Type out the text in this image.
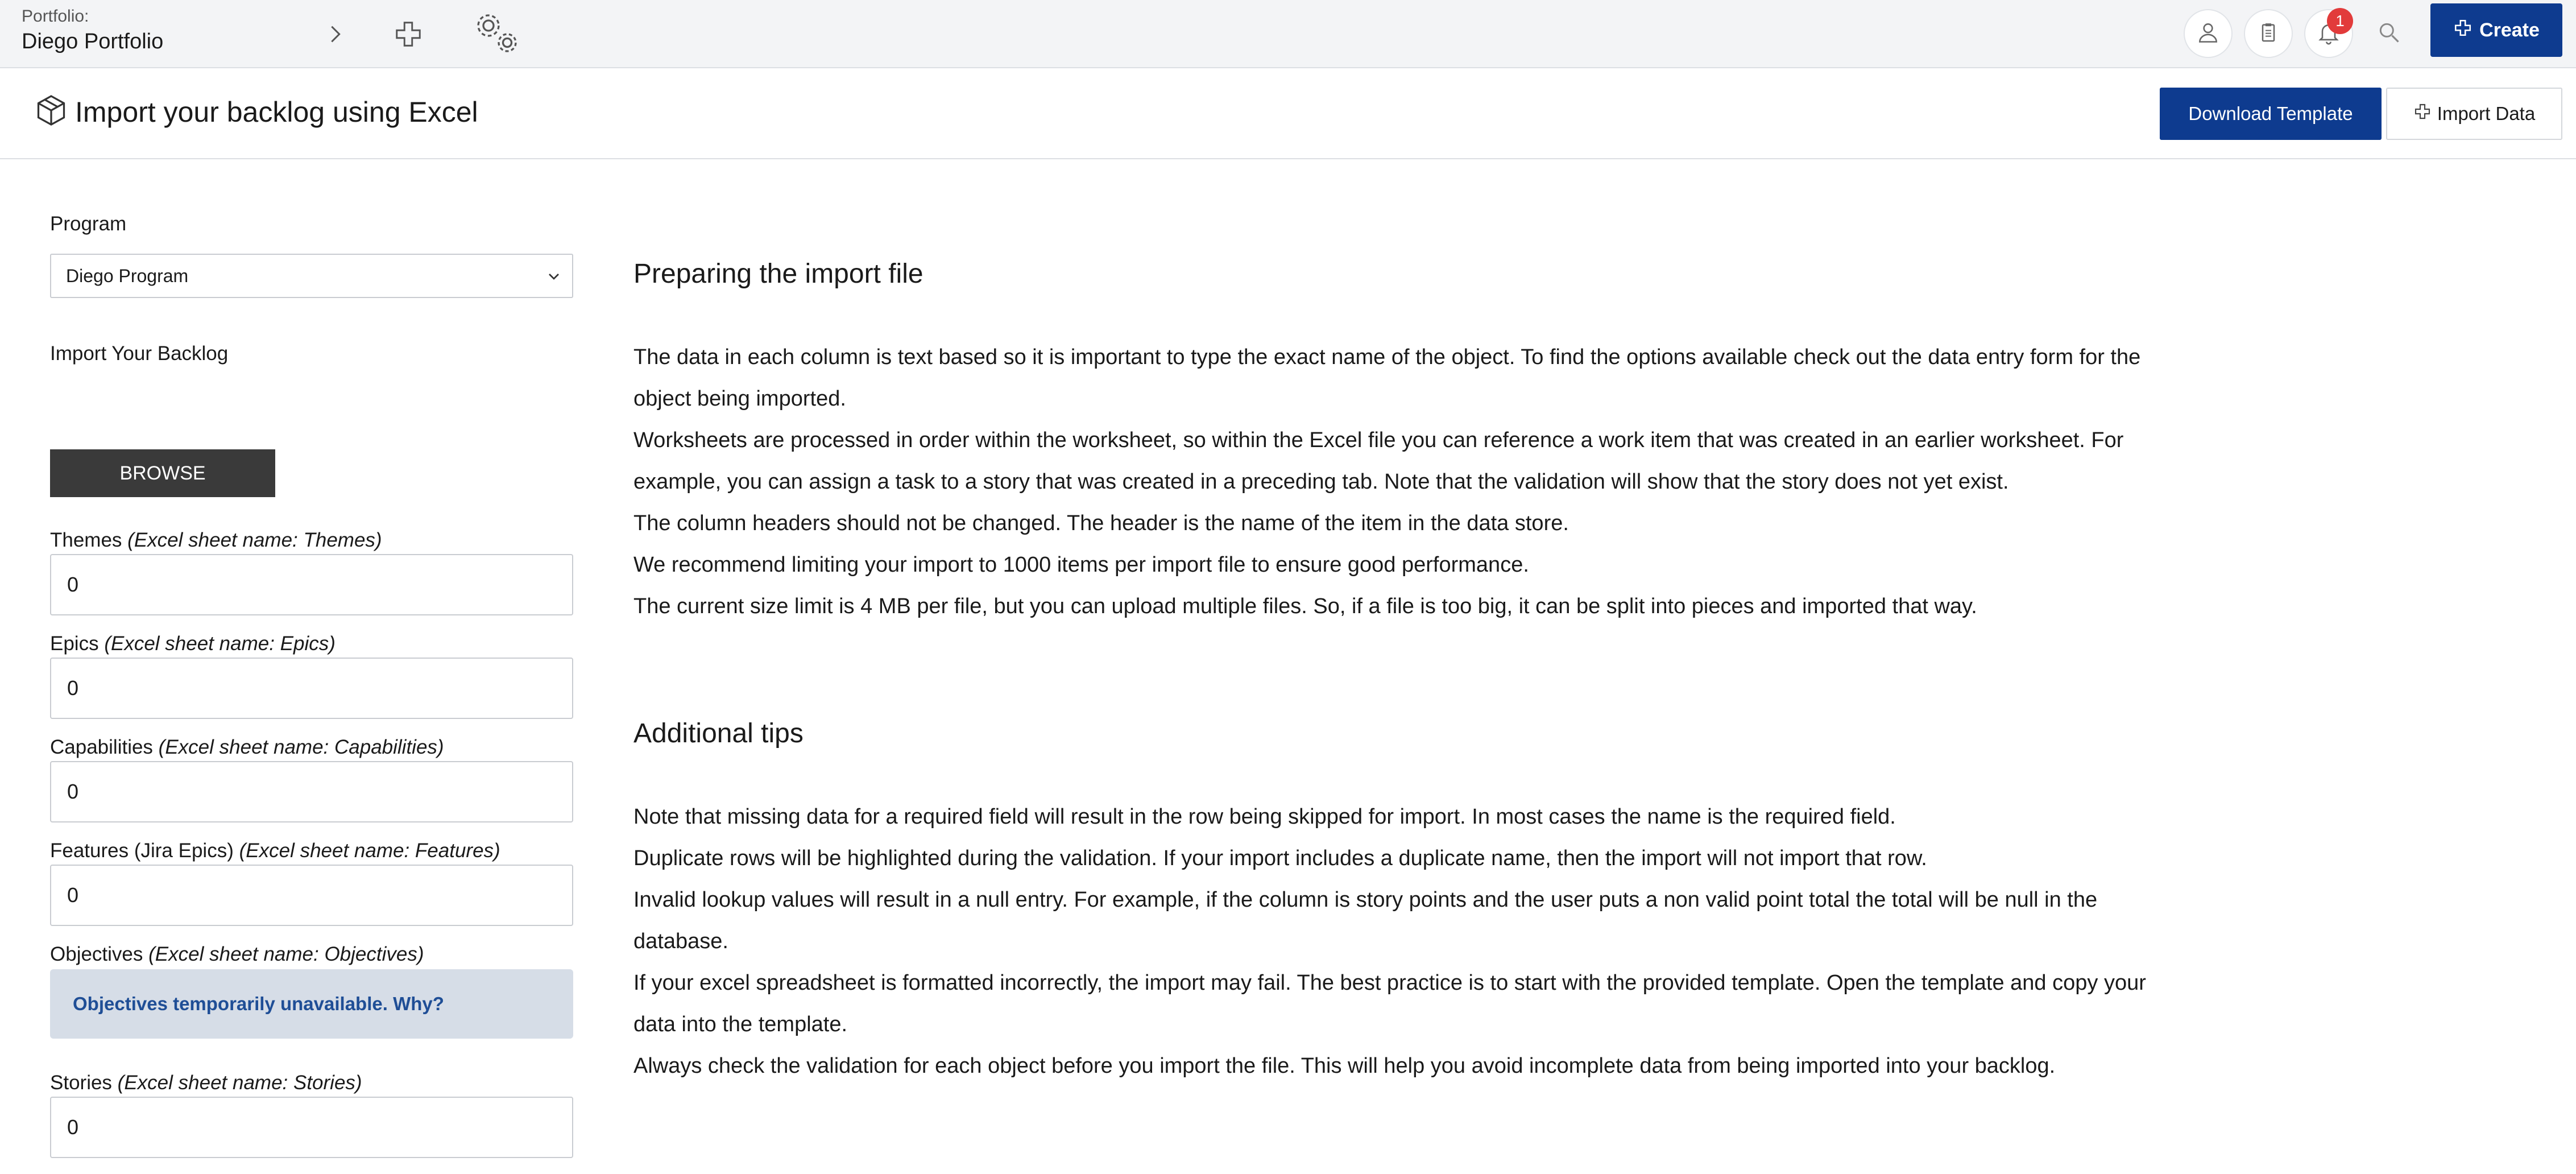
Portfolio:
Diego Portfolio
1	Create
Import your backlog using Excel	Download Template	Import Data
Program
Diego Program
Import Your Backlog
BROWSE
Themes (Excel sheet name: Themes)
0
Epics (Excel sheet name: Epics)
0
Capabilities (Excel sheet name: Capabilities)
0
Features (Jira Epics) (Excel sheet name: Features)
0
Objectives (Excel sheet name: Objectives)
Objectives temporarily unavailable. Why?
Stories (Excel sheet name: Stories)
0
Preparing the import file

The data in each column is text based so it is important to type the exact name of the object. To find the options available check out the data entry form for the object being imported.

Worksheets are processed in order within the worksheet, so within the Excel file you can reference a work item that was created in an earlier worksheet. For example, you can assign a task to a story that was created in a preceding tab. Note that the validation will show that the story does not yet exist.

The column headers should not be changed. The header is the name of the item in the data store.

We recommend limiting your import to 1000 items per import file to ensure good performance.

The current size limit is 4 MB per file, but you can upload multiple files. So, if a file is too big, it can be split into pieces and imported that way.

Additional tips

Note that missing data for a required field will result in the row being skipped for import. In most cases the name is the required field.

Duplicate rows will be highlighted during the validation. If your import includes a duplicate name, then the import will not import that row.

Invalid lookup values will result in a null entry. For example, if the column is story points and the user puts a non valid point total the total will be null in the database.

If your excel spreadsheet is formatted incorrectly, the import may fail. The best practice is to start with the provided template. Open the template and copy your data into the template.

Always check the validation for each object before you import the file. This will help you avoid incomplete data from being imported into your backlog.
